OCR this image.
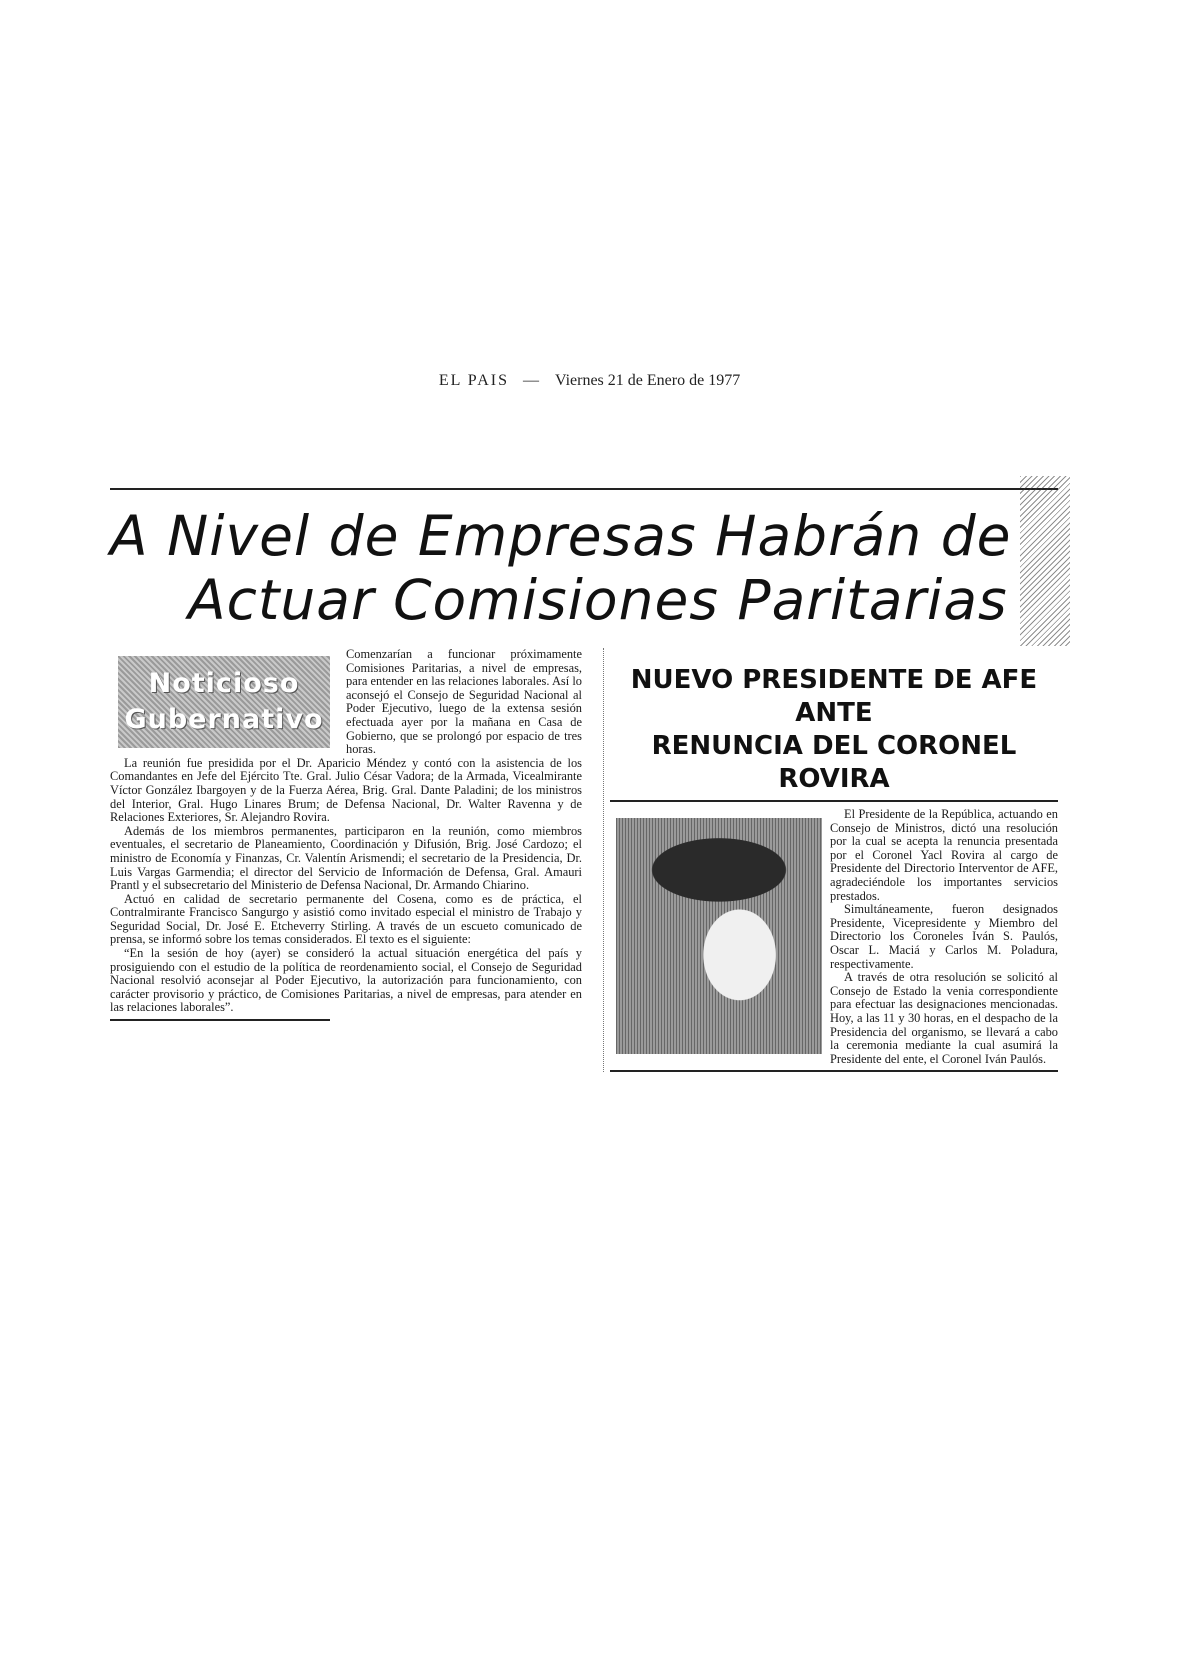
EL PAIS — Viernes 21 de Enero de 1977
A Nivel de Empresas Habrán de
Actuar Comisiones Paritarias
Noticioso
Gubernativo

Comenzarían a funcionar próximamente Comisiones Paritarias, a nivel de empresas, para entender en las relaciones laborales. Así lo aconsejó el Consejo de Seguridad Nacional al Poder Ejecutivo, luego de la extensa sesión efectuada ayer por la mañana en Casa de Gobierno, que se prolongó por espacio de tres horas.

La reunión fue presidida por el Dr. Aparicio Méndez y contó con la asistencia de los Comandantes en Jefe del Ejército Tte. Gral. Julio César Vadora; de la Armada, Vicealmirante Víctor González Ibargoyen y de la Fuerza Aérea, Brig. Gral. Dante Paladini; de los ministros del Interior, Gral. Hugo Linares Brum; de Defensa Nacional, Dr. Walter Ravenna y de Relaciones Exteriores, Sr. Alejandro Rovira.

Además de los miembros permanentes, participaron en la reunión, como miembros eventuales, el secretario de Planeamiento, Coordinación y Difusión, Brig. José Cardozo; el ministro de Economía y Finanzas, Cr. Valentín Arismendi; el secretario de la Presidencia, Dr. Luis Vargas Garmendia; el director del Servicio de Información de Defensa, Gral. Amauri Prantl y el subsecretario del Ministerio de Defensa Nacional, Dr. Armando Chiarino.

Actuó en calidad de secretario permanente del Cosena, como es de práctica, el Contralmirante Francisco Sangurgo y asistió como invitado especial el ministro de Trabajo y Seguridad Social, Dr. José E. Etcheverry Stirling. A través de un escueto comunicado de prensa, se informó sobre los temas considerados. El texto es el siguiente:

“En la sesión de hoy (ayer) se consideró la actual situación energética del país y prosiguiendo con el estudio de la política de reordenamiento social, el Consejo de Seguridad Nacional resolvió aconsejar al Poder Ejecutivo, la autorización para funcionamiento, con carácter provisorio y práctico, de Comisiones Paritarias, a nivel de empresas, para atender en las relaciones laborales”.

NUEVO PRESIDENTE DE AFE ANTE
RENUNCIA DEL CORONEL ROVIRA

El Presidente de la República, actuando en Consejo de Ministros, dictó una resolución por la cual se acepta la renuncia presentada por el Coronel Yacl Rovira al cargo de Presidente del Directorio Interventor de AFE, agradeciéndole los importantes servicios prestados.

Simultáneamente, fueron designados Presidente, Vicepresidente y Miembro del Directorio los Coroneles Iván S. Paulós, Oscar L. Maciá y Carlos M. Poladura, respectivamente.

A través de otra resolución se solicitó al Consejo de Estado la venia correspondiente para efectuar las designaciones mencionadas. Hoy, a las 11 y 30 horas, en el despacho de la Presidencia del organismo, se llevará a cabo la ceremonia mediante la cual asumirá la Presidente del ente, el Coronel Iván Paulós.
